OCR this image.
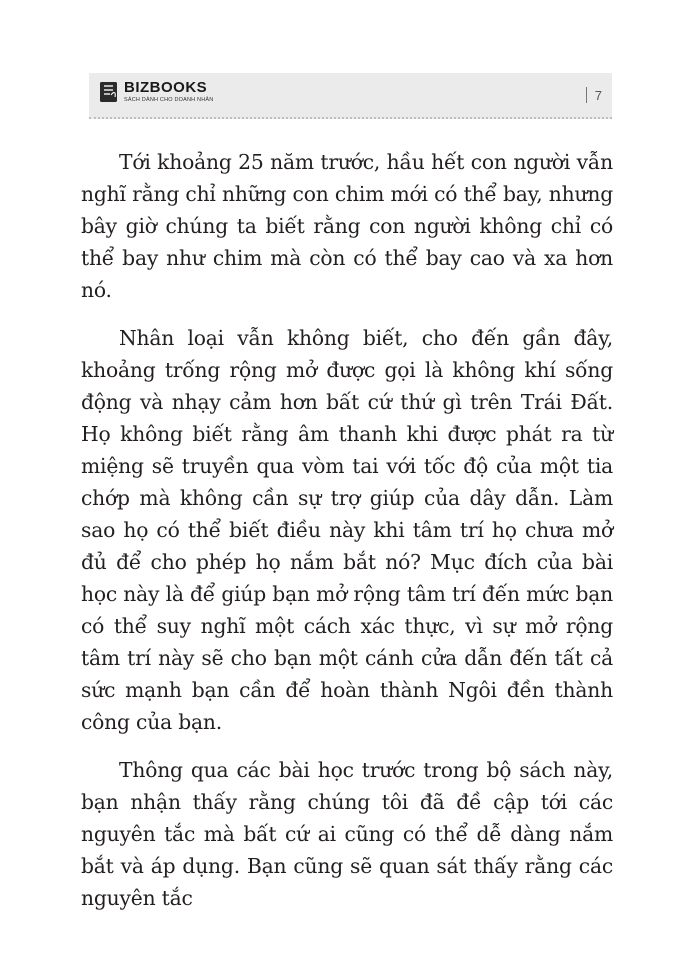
BIZBOOKS
SÁCH DÀNH CHO DOANH NHÂN	7

Tới khoảng 25 năm trước, hầu hết con người vẫn nghĩ rằng chỉ những con chim mới có thể bay, nhưng bây giờ chúng ta biết rằng con người không chỉ có thể bay như chim mà còn có thể bay cao và xa hơn nó.

Nhân loại vẫn không biết, cho đến gần đây, khoảng trống rộng mở được gọi là không khí sống động và nhạy cảm hơn bất cứ thứ gì trên Trái Đất. Họ không biết rằng âm thanh khi được phát ra từ miệng sẽ truyền qua vòm tai với tốc độ của một tia chớp mà không cần sự trợ giúp của dây dẫn. Làm sao họ có thể biết điều này khi tâm trí họ chưa mở đủ để cho phép họ nắm bắt nó? Mục đích của bài học này là để giúp bạn mở rộng tâm trí đến mức bạn có thể suy nghĩ một cách xác thực, vì sự mở rộng tâm trí này sẽ cho bạn một cánh cửa dẫn đến tất cả sức mạnh bạn cần để hoàn thành Ngôi đền thành công của bạn.

Thông qua các bài học trước trong bộ sách này, bạn nhận thấy rằng chúng tôi đã đề cập tới các nguyên tắc mà bất cứ ai cũng có thể dễ dàng nắm bắt và áp dụng. Bạn cũng sẽ quan sát thấy rằng các nguyên tắc
